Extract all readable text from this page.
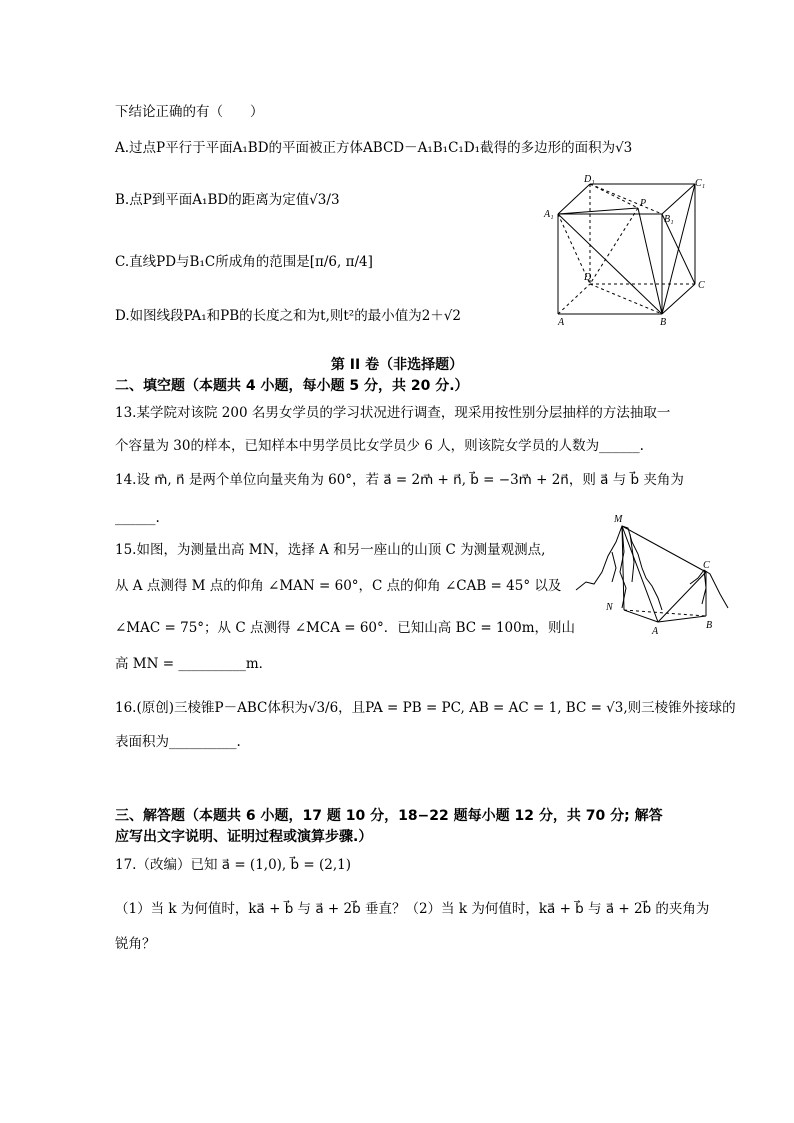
下结论正确的有（　　）
A.过点P平行于平面A₁BD的平面被正方体ABCD－A₁B₁C₁D₁截得的多边形的面积为√3
B.点P到平面A₁BD的距离为定值√3/3
C.直线PD与B₁C所成角的范围是[π/6, π/4]
D.如图线段PA₁和PB的长度之和为t,则t²的最小值为2＋√2
D₁	C₁
A₁
P
B₁
D
C
A	B
第 II 卷（非选择题）
二、填空题（本题共 4 小题，每小题 5 分，共 20 分.）
13.某学院对该院 200 名男女学员的学习状况进行调查，现采用按性别分层抽样的方法抽取一
个容量为 30的样本，已知样本中男学员比女学员少 6 人，则该院女学员的人数为______.
14.设 m⃗, n⃗ 是两个单位向量夹角为 60°，若 a⃗ = 2m⃗ + n⃗, b⃗ = −3m⃗ + 2n⃗，则 a⃗ 与 b⃗ 夹角为
______.
15.如图，为测量出高 MN，选择 A 和另一座山的山顶 C 为测量观测点,
从 A 点测得 M 点的仰角 ∠MAN = 60°，C 点的仰角 ∠CAB = 45° 以及
∠MAC = 75°；从 C 点测得 ∠MCA = 60°．已知山高 BC = 100m，则山
高 MN = __________m．
M
C
N
A
B
16.(原创)三棱锥P－ABC体积为√3/6，且PA = PB = PC, AB = AC = 1, BC = √3,则三棱锥外接球的
表面积为__________.
三、解答题（本题共 6 小题，17 题 10 分，18−22 题每小题 12 分，共 70 分; 解答
应写出文字说明、证明过程或演算步骤.）
17.（改编）已知 a⃗ = (1,0), b⃗ = (2,1)
（1）当 k 为何值时，ka⃗ + b⃗ 与 a⃗ + 2b⃗ 垂直？（2）当 k 为何值时，ka⃗ + b⃗ 与 a⃗ + 2b⃗ 的夹角为
锐角？
